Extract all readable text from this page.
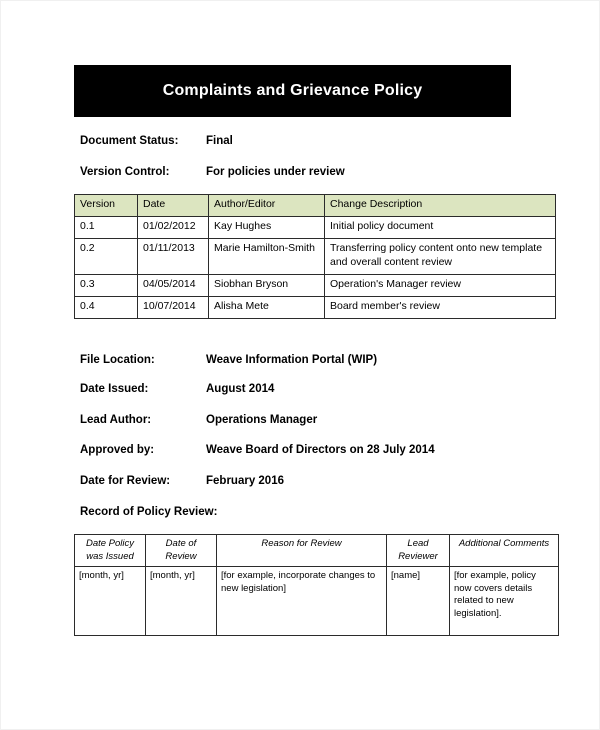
Complaints and Grievance Policy
Document Status: Final
Version Control:	For policies under review
Version	Date	Author/Editor	Change Description
0.1	01/02/2012	Kay Hughes	Initial policy document
0.2	01/11/2013	Marie Hamilton-Smith	Transferring policy content onto new template and overall content review
0.3	04/05/2014	Siobhan Bryson	Operation's Manager review
0.4	10/07/2014	Alisha Mete	Board member's review
File Location:	Weave Information Portal (WIP)
Date Issued:	August 2014
Lead Author:	Operations Manager
Approved by:	Weave Board of Directors on 28 July 2014
Date for Review:	February 2016
Record of Policy Review:
Date Policy was Issued	Date of Review	Reason for Review	Lead Reviewer	Additional Comments
[month, yr]	[month, yr]	[for example, incorporate changes to new legislation]	[name]	[for example, policy now covers details related to new legislation].
